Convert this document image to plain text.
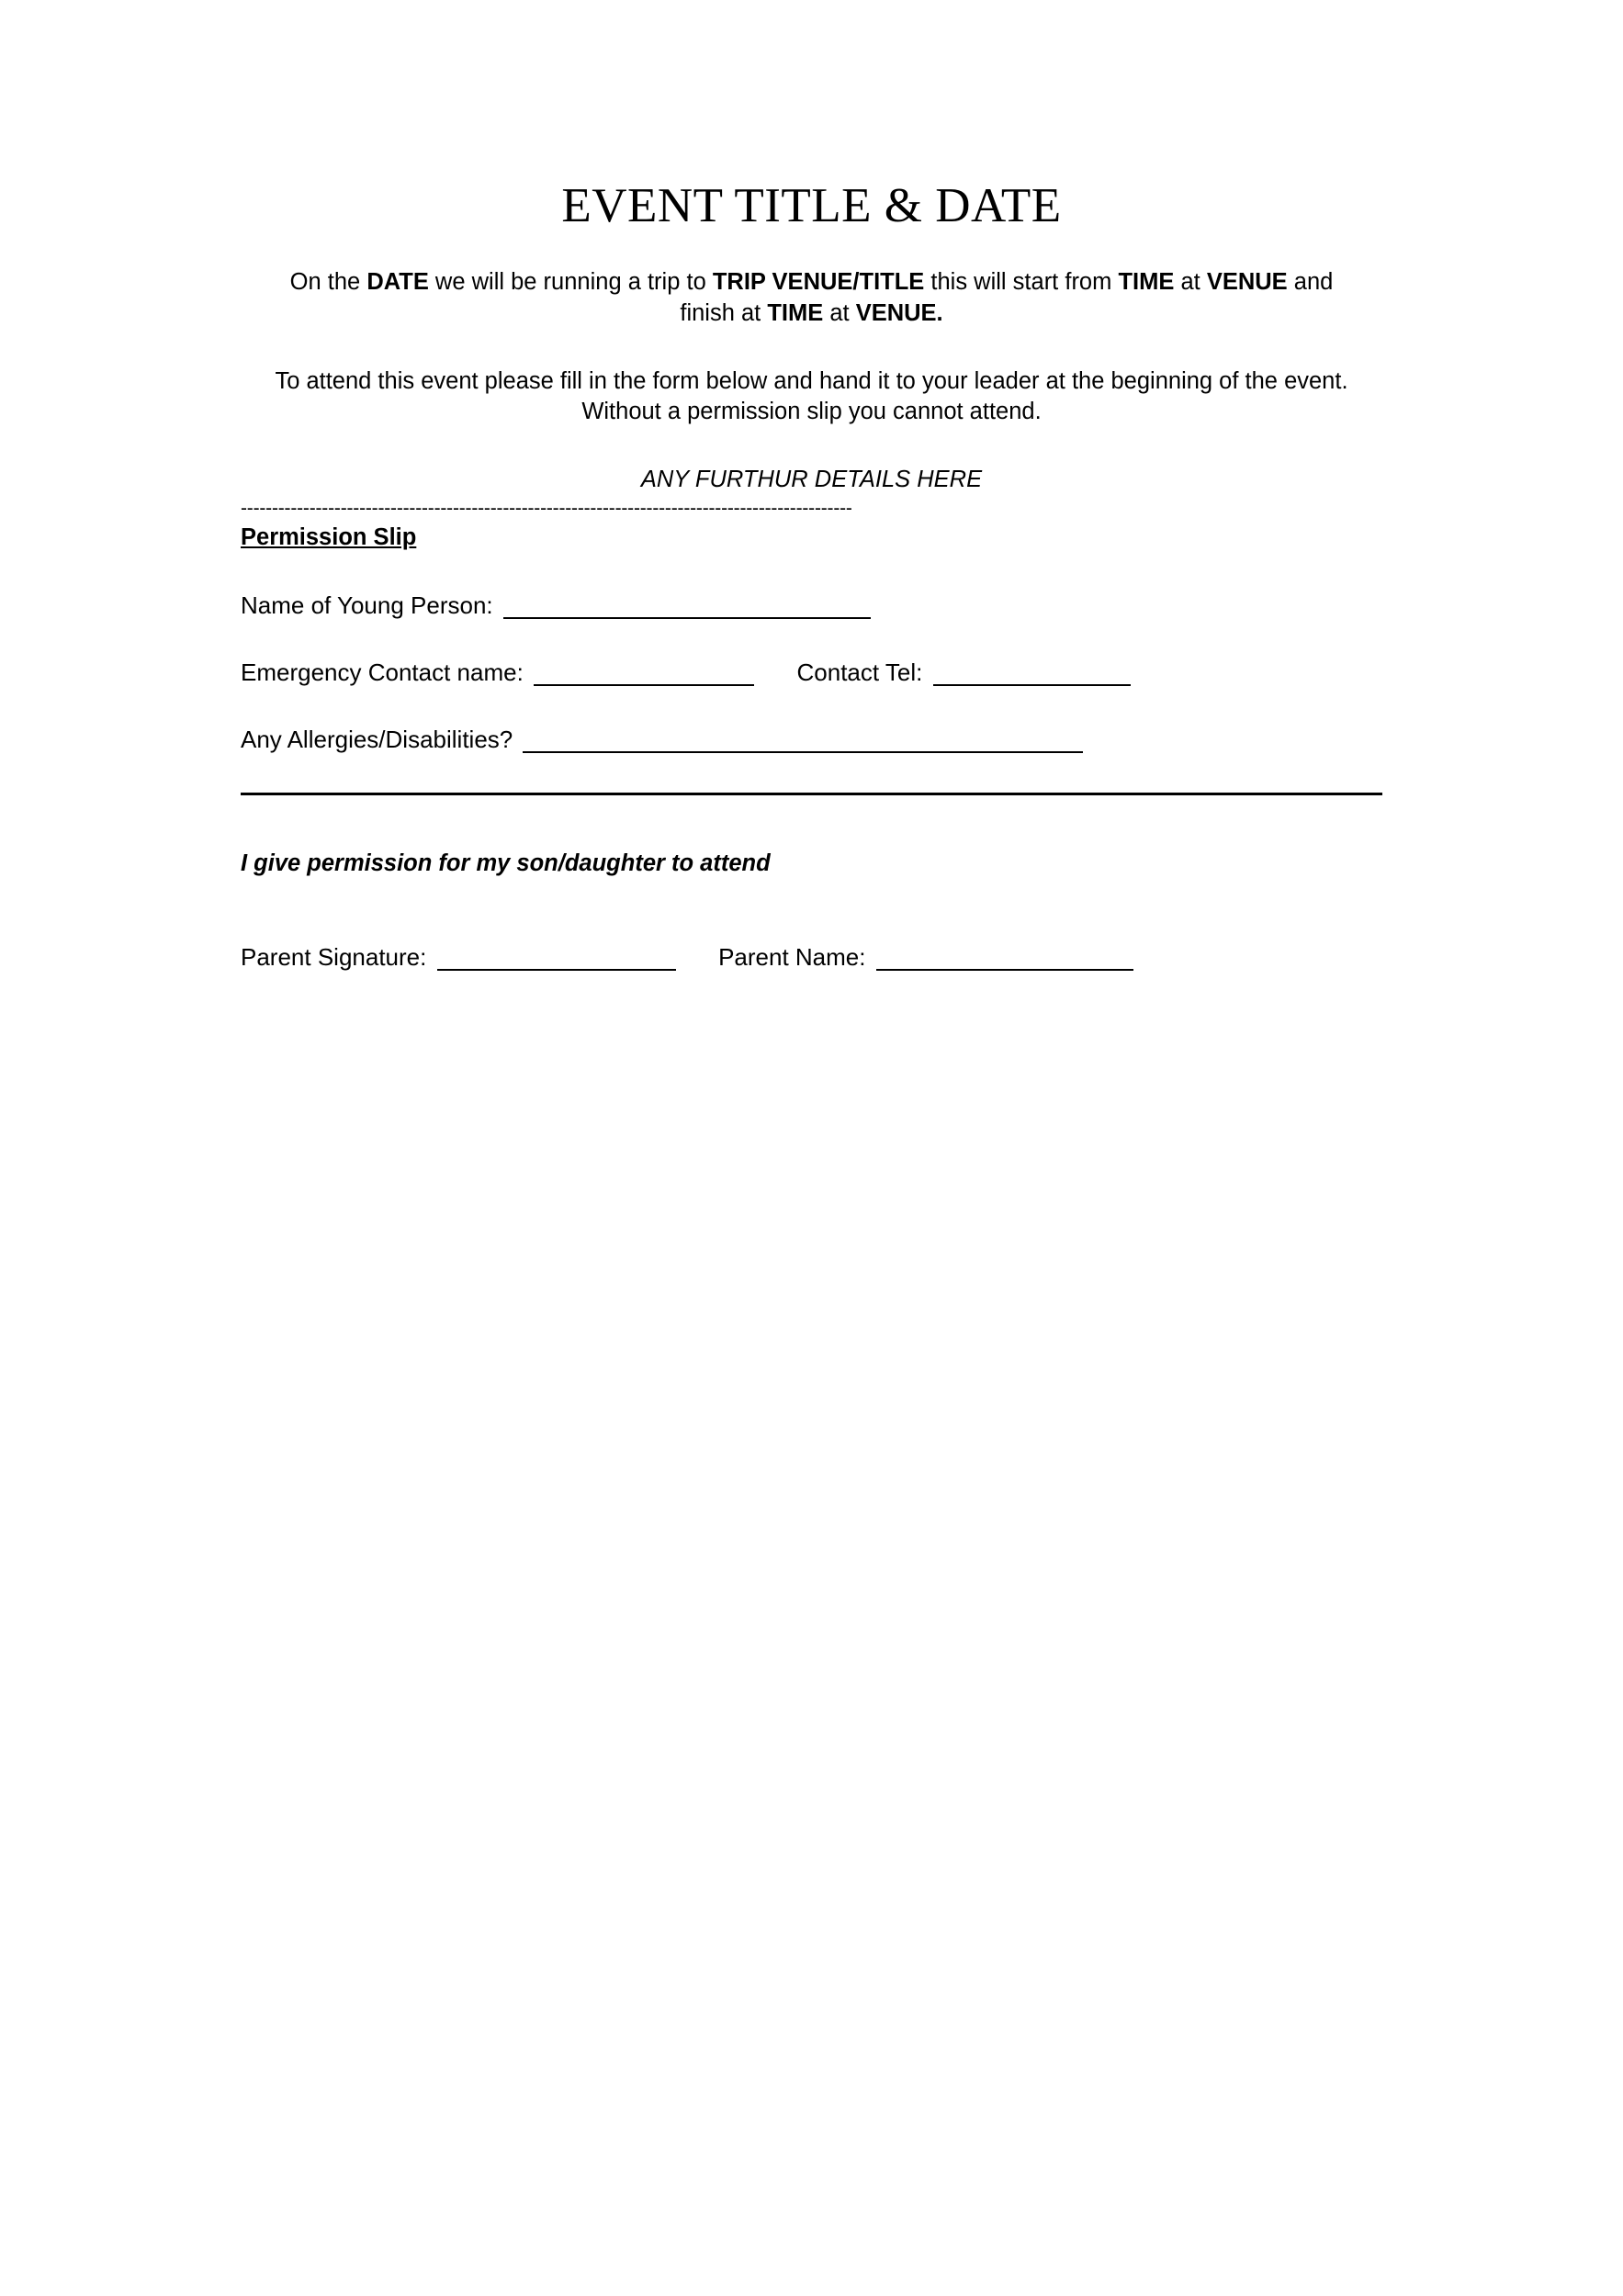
EVENT TITLE & DATE

On the DATE we will be running a trip to TRIP VENUE/TITLE this will start from TIME at VENUE and finish at TIME at VENUE.

To attend this event please fill in the form below and hand it to your leader at the beginning of the event. Without a permission slip you cannot attend.

ANY FURTHUR DETAILS HERE

--------------------------------------------------------------------------------------------------
Permission Slip
Name of Young Person:
Emergency Contact name:	Contact Tel:
Any Allergies/Disabilities?

I give permission for my son/daughter to attend

Parent Signature:	Parent Name:
